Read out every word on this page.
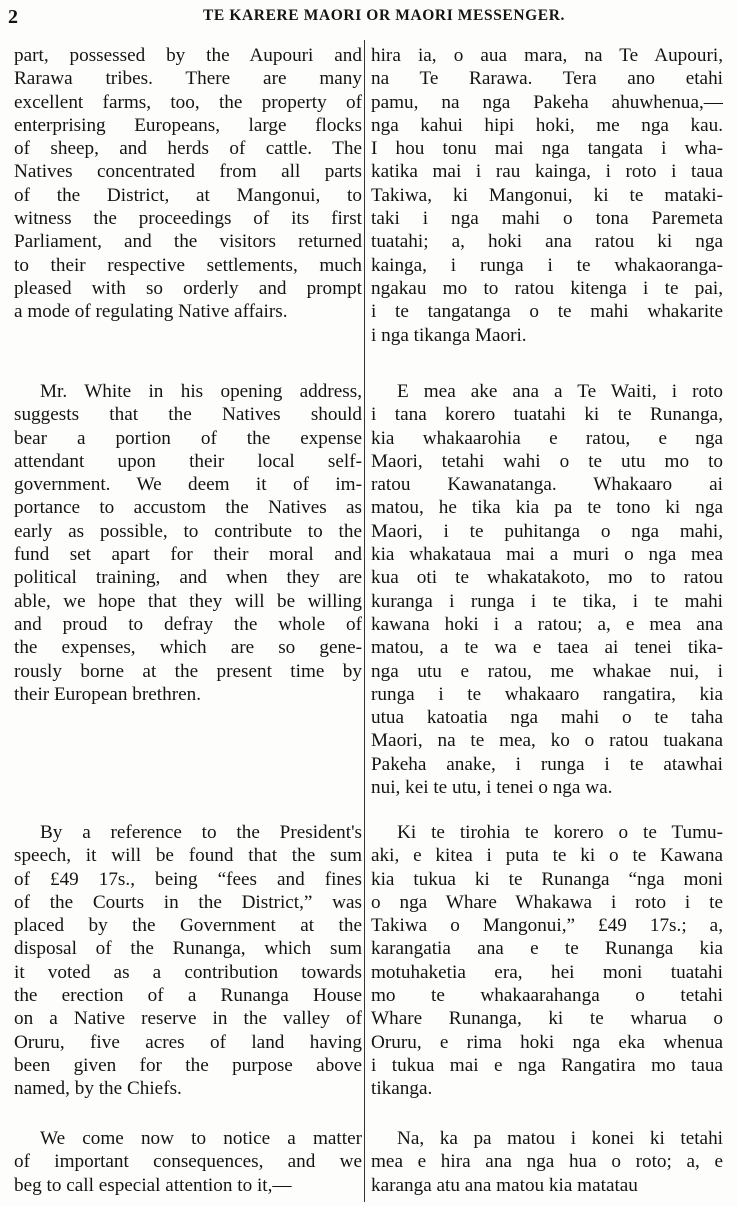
2	TE KARERE MAORI OR MAORI MESSENGER.
part, possessed by the Aupouri and
Rarawa tribes. There are many
excellent farms, too, the property of
enterprising Europeans, large flocks
of sheep, and herds of cattle. The
Natives concentrated from all parts
of the District, at Mangonui, to
witness the proceedings of its first
Parliament, and the visitors returned
to their respective settlements, much
pleased with so orderly and prompt
a mode of regulating Native affairs.
Mr. White in his opening address,
suggests that the Natives should
bear a portion of the expense
attendant upon their local self-
government. We deem it of im-
portance to accustom the Natives as
early as possible, to contribute to the
fund set apart for their moral and
political training, and when they are
able, we hope that they will be willing
and proud to defray the whole of
the expenses, which are so gene-
rously borne at the present time by
their European brethren.
By a reference to the President's
speech, it will be found that the sum
of £49 17s., being “fees and fines
of the Courts in the District,” was
placed by the Government at the
disposal of the Runanga, which sum
it voted as a contribution towards
the erection of a Runanga House
on a Native reserve in the valley of
Oruru, five acres of land having
been given for the purpose above
named, by the Chiefs.
We come now to notice a matter
of important consequences, and we
beg to call especial attention to it,—
hira ia, o aua mara, na Te Aupouri,
na Te Rarawa. Tera ano etahi
pamu, na nga Pakeha ahuwhenua,—
nga kahui hipi hoki, me nga kau.
I hou tonu mai nga tangata i wha-
katika mai i rau kainga, i roto i taua
Takiwa, ki Mangonui, ki te mataki-
taki i nga mahi o tona Paremeta
tuatahi; a, hoki ana ratou ki nga
kainga, i runga i te whakaoranga-
ngakau mo to ratou kitenga i te pai,
i te tangatanga o te mahi whakarite
i nga tikanga Maori.
E mea ake ana a Te Waiti, i roto
i tana korero tuatahi ki te Runanga,
kia whakaarohia e ratou, e nga
Maori, tetahi wahi o te utu mo to
ratou Kawanatanga. Whakaaro ai
matou, he tika kia pa te tono ki nga
Maori, i te puhitanga o nga mahi,
kia whakataua mai a muri o nga mea
kua oti te whakatakoto, mo to ratou
kuranga i runga i te tika, i te mahi
kawana hoki i a ratou; a, e mea ana
matou, a te wa e taea ai tenei tika-
nga utu e ratou, me whakae nui, i
runga i te whakaaro rangatira, kia
utua katoatia nga mahi o te taha
Maori, na te mea, ko o ratou tuakana
Pakeha anake, i runga i te atawhai
nui, kei te utu, i tenei o nga wa.
Ki te tirohia te korero o te Tumu-
aki, e kitea i puta te ki o te Kawana
kia tukua ki te Runanga “nga moni
o nga Whare Whakawa i roto i te
Takiwa o Mangonui,” £49 17s.; a,
karangatia ana e te Runanga kia
motuhaketia era, hei moni tuatahi
mo te whakaarahanga o tetahi
Whare Runanga, ki te wharua o
Oruru, e rima hoki nga eka whenua
i tukua mai e nga Rangatira mo taua
tikanga.
Na, ka pa matou i konei ki tetahi
mea e hira ana nga hua o roto; a, e
karanga atu ana matou kia matatau
